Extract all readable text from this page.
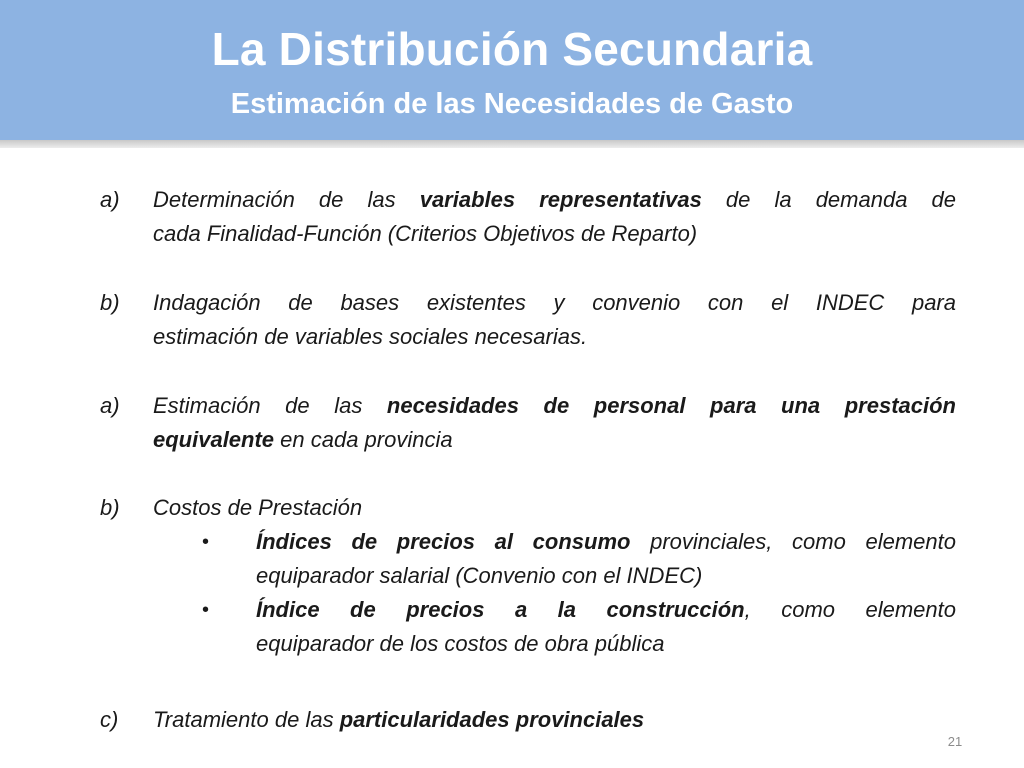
La Distribución Secundaria
Estimación de las Necesidades de Gasto
a) Determinación de las variables representativas de la demanda de
cada Finalidad-Función (Criterios Objetivos de Reparto)
b) Indagación de bases existentes y convenio con el INDEC para
estimación de variables sociales necesarias.
a) Estimación de las necesidades de personal para una prestación
equivalente en cada provincia
b) Costos de Prestación
• Índices de precios al consumo provinciales, como elemento
equiparador salarial (Convenio con el INDEC)
• Índice de precios a la construcción, como elemento
equiparador de los costos de obra pública
c) Tratamiento de las particularidades provinciales
21
